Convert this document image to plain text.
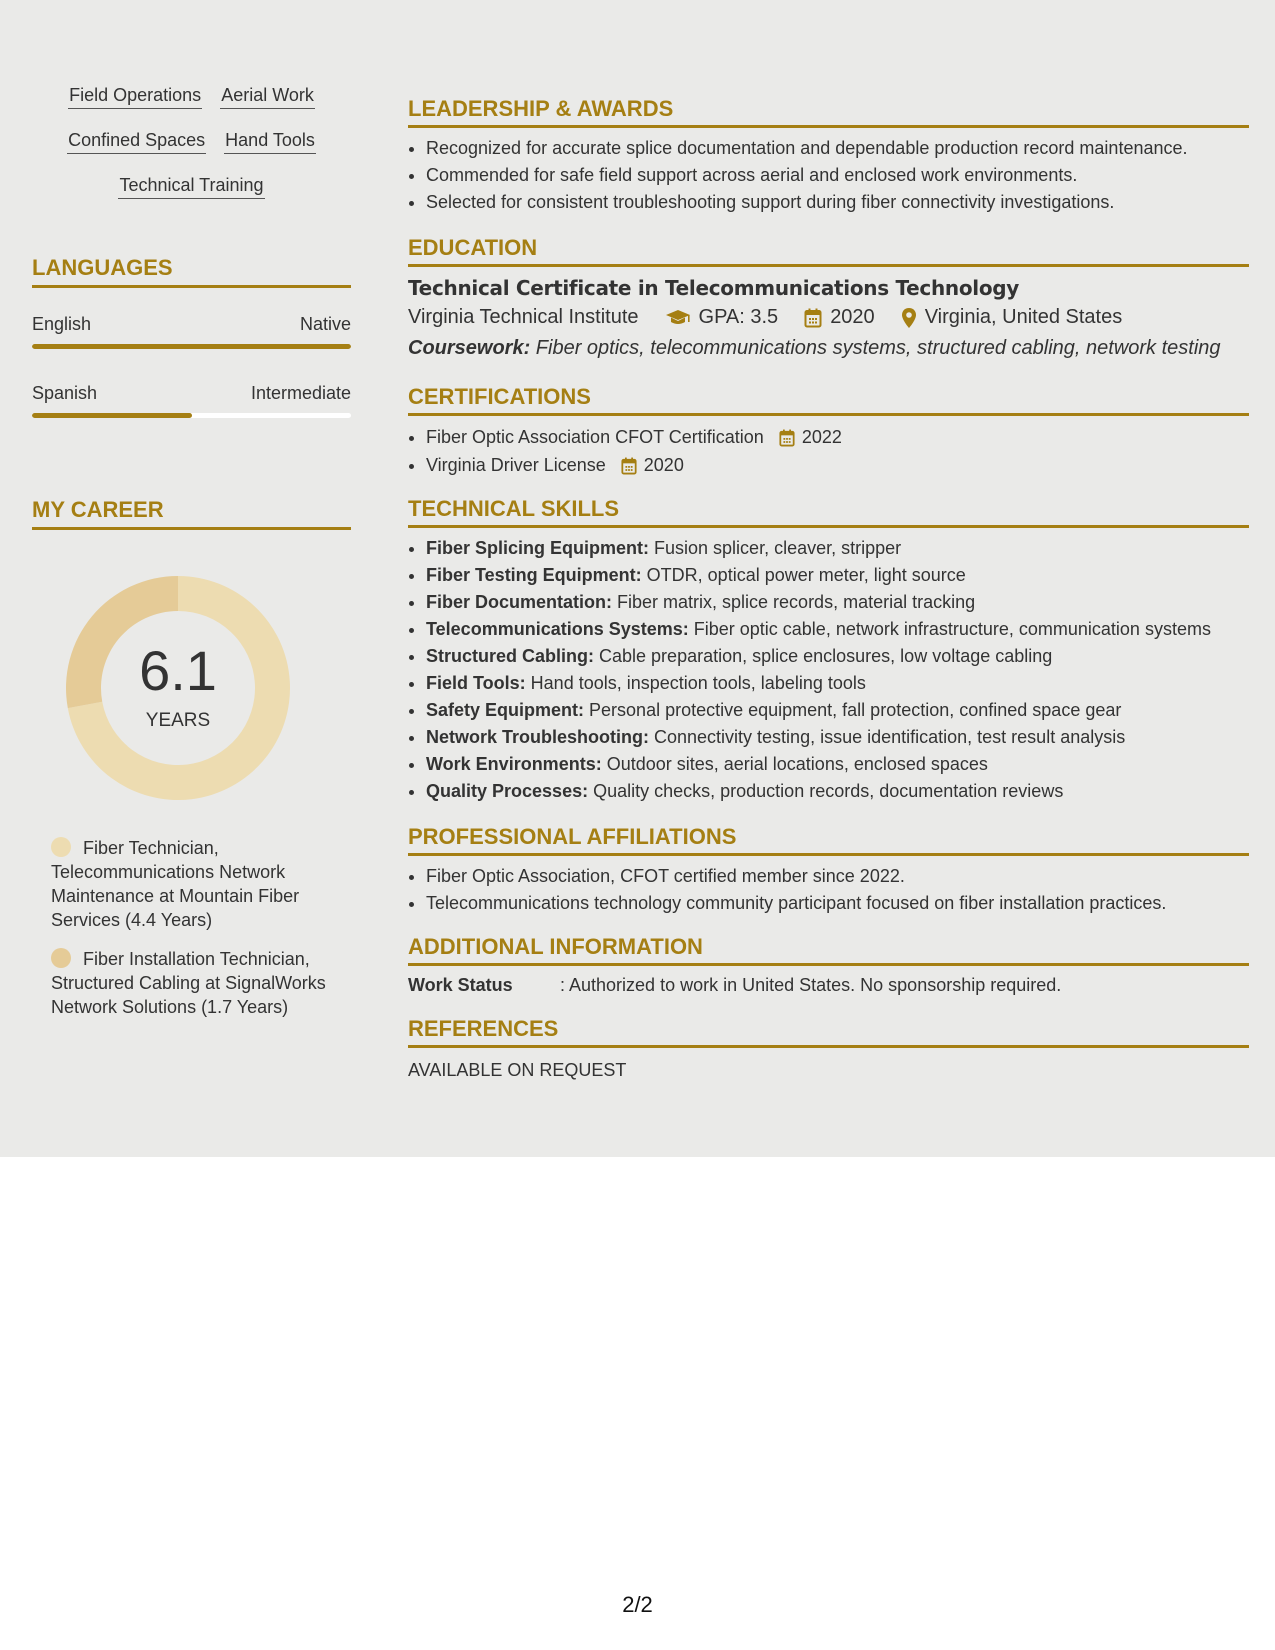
Field Operations Aerial Work
Confined Spaces Hand Tools
Technical Training
LANGUAGES
English	Native
Spanish	Intermediate
MY CAREER
6.1
YEARS
Fiber Technician, Telecommunications Network Maintenance at Mountain Fiber Services (4.4 Years)
Fiber Installation Technician, Structured Cabling at SignalWorks Network Solutions (1.7 Years)
LEADERSHIP & AWARDS
• Recognized for accurate splice documentation and dependable production record maintenance.
• Commended for safe field support across aerial and enclosed work environments.
• Selected for consistent troubleshooting support during fiber connectivity investigations.
EDUCATION
Technical Certificate in Telecommunications Technology
Virginia Technical Institute	GPA: 3.5	2020	Virginia, United States
Coursework: Fiber optics, telecommunications systems, structured cabling, network testing
CERTIFICATIONS
• Fiber Optic Association CFOT Certification 2022
• Virginia Driver License 2020
TECHNICAL SKILLS
• Fiber Splicing Equipment: Fusion splicer, cleaver, stripper
• Fiber Testing Equipment: OTDR, optical power meter, light source
• Fiber Documentation: Fiber matrix, splice records, material tracking
• Telecommunications Systems: Fiber optic cable, network infrastructure, communication systems
• Structured Cabling: Cable preparation, splice enclosures, low voltage cabling
• Field Tools: Hand tools, inspection tools, labeling tools
• Safety Equipment: Personal protective equipment, fall protection, confined space gear
• Network Troubleshooting: Connectivity testing, issue identification, test result analysis
• Work Environments: Outdoor sites, aerial locations, enclosed spaces
• Quality Processes: Quality checks, production records, documentation reviews
PROFESSIONAL AFFILIATIONS
• Fiber Optic Association, CFOT certified member since 2022.
• Telecommunications technology community participant focused on fiber installation practices.
ADDITIONAL INFORMATION
Work Status	: Authorized to work in United States. No sponsorship required.
REFERENCES
AVAILABLE ON REQUEST
2/2
